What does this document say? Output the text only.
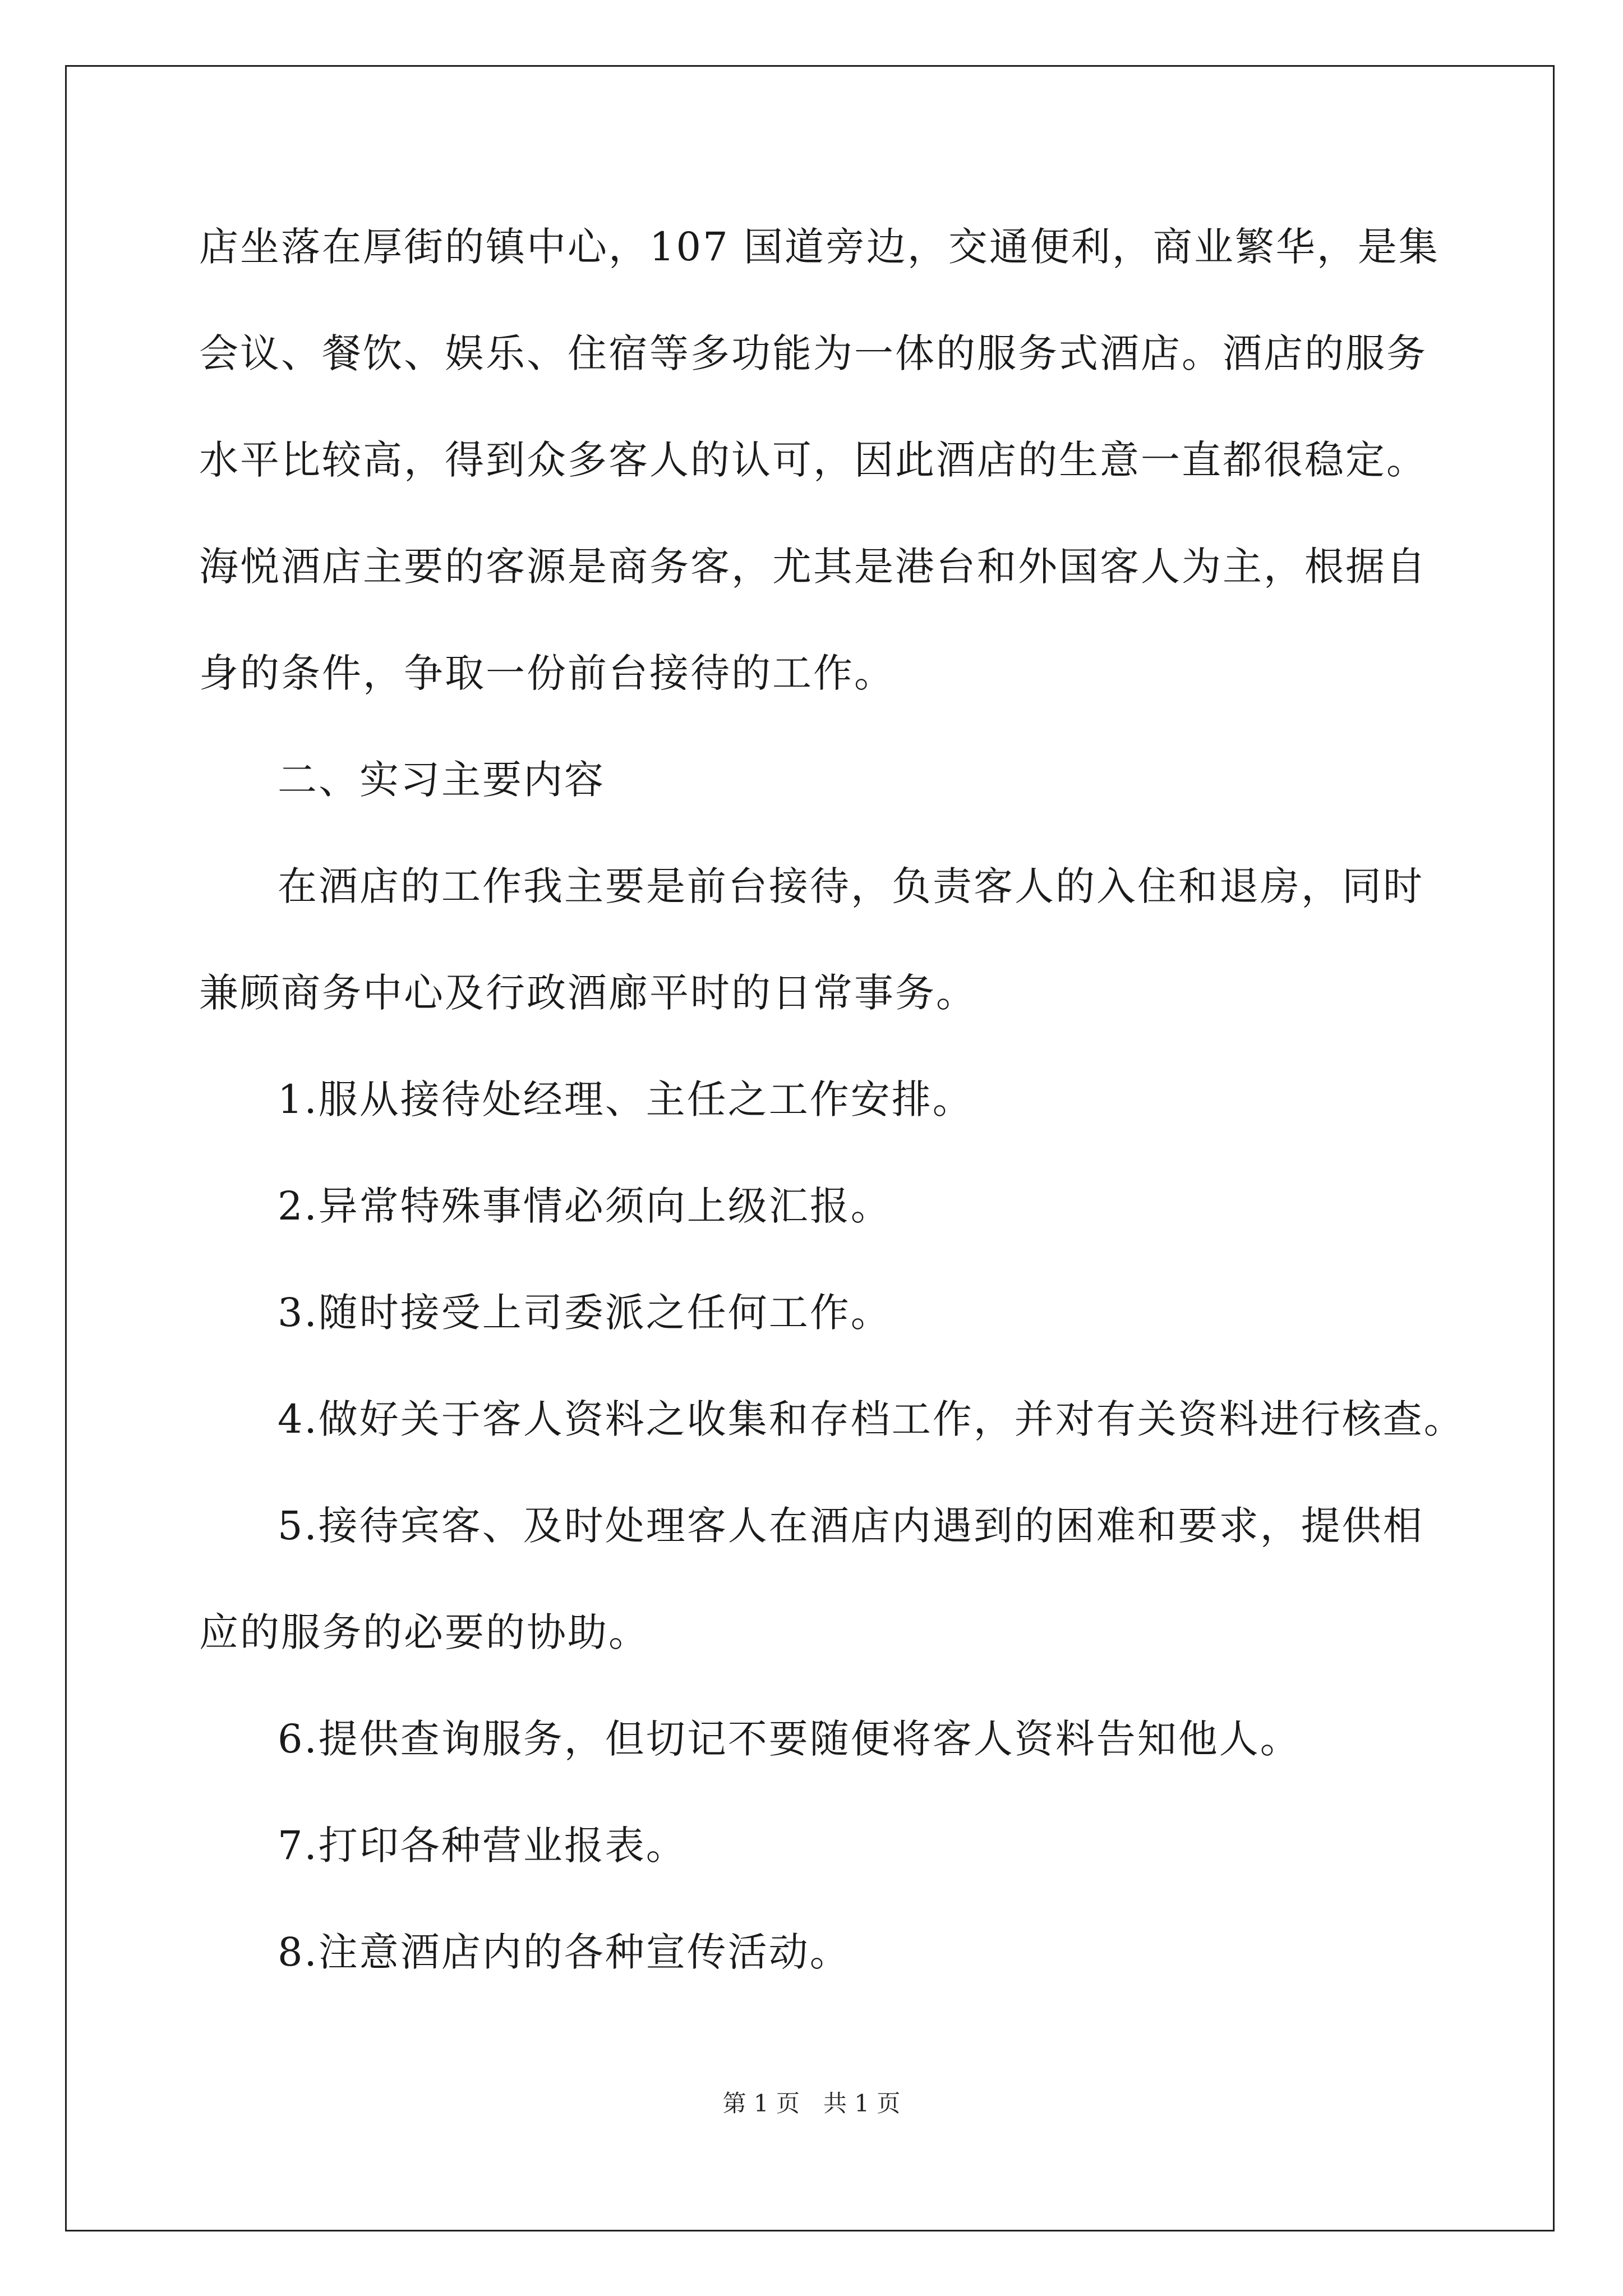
店坐落在厚街的镇中心，107 国道旁边，交通便利，商业繁华，是集
会议、餐饮、娱乐、住宿等多功能为一体的服务式酒店。酒店的服务
水平比较高，得到众多客人的认可，因此酒店的生意一直都很稳定。
海悦酒店主要的客源是商务客，尤其是港台和外国客人为主，根据自
身的条件，争取一份前台接待的工作。
二、实习主要内容
在酒店的工作我主要是前台接待，负责客人的入住和退房，同时
兼顾商务中心及行政酒廊平时的日常事务。
1.服从接待处经理、主任之工作安排。
2.异常特殊事情必须向上级汇报。
3.随时接受上司委派之任何工作。
4.做好关于客人资料之收集和存档工作，并对有关资料进行核查。
5.接待宾客、及时处理客人在酒店内遇到的困难和要求，提供相
应的服务的必要的协助。
6.提供查询服务，但切记不要随便将客人资料告知他人。
7.打印各种营业报表。
8.注意酒店内的各种宣传活动。
第 1 页 共 1 页
